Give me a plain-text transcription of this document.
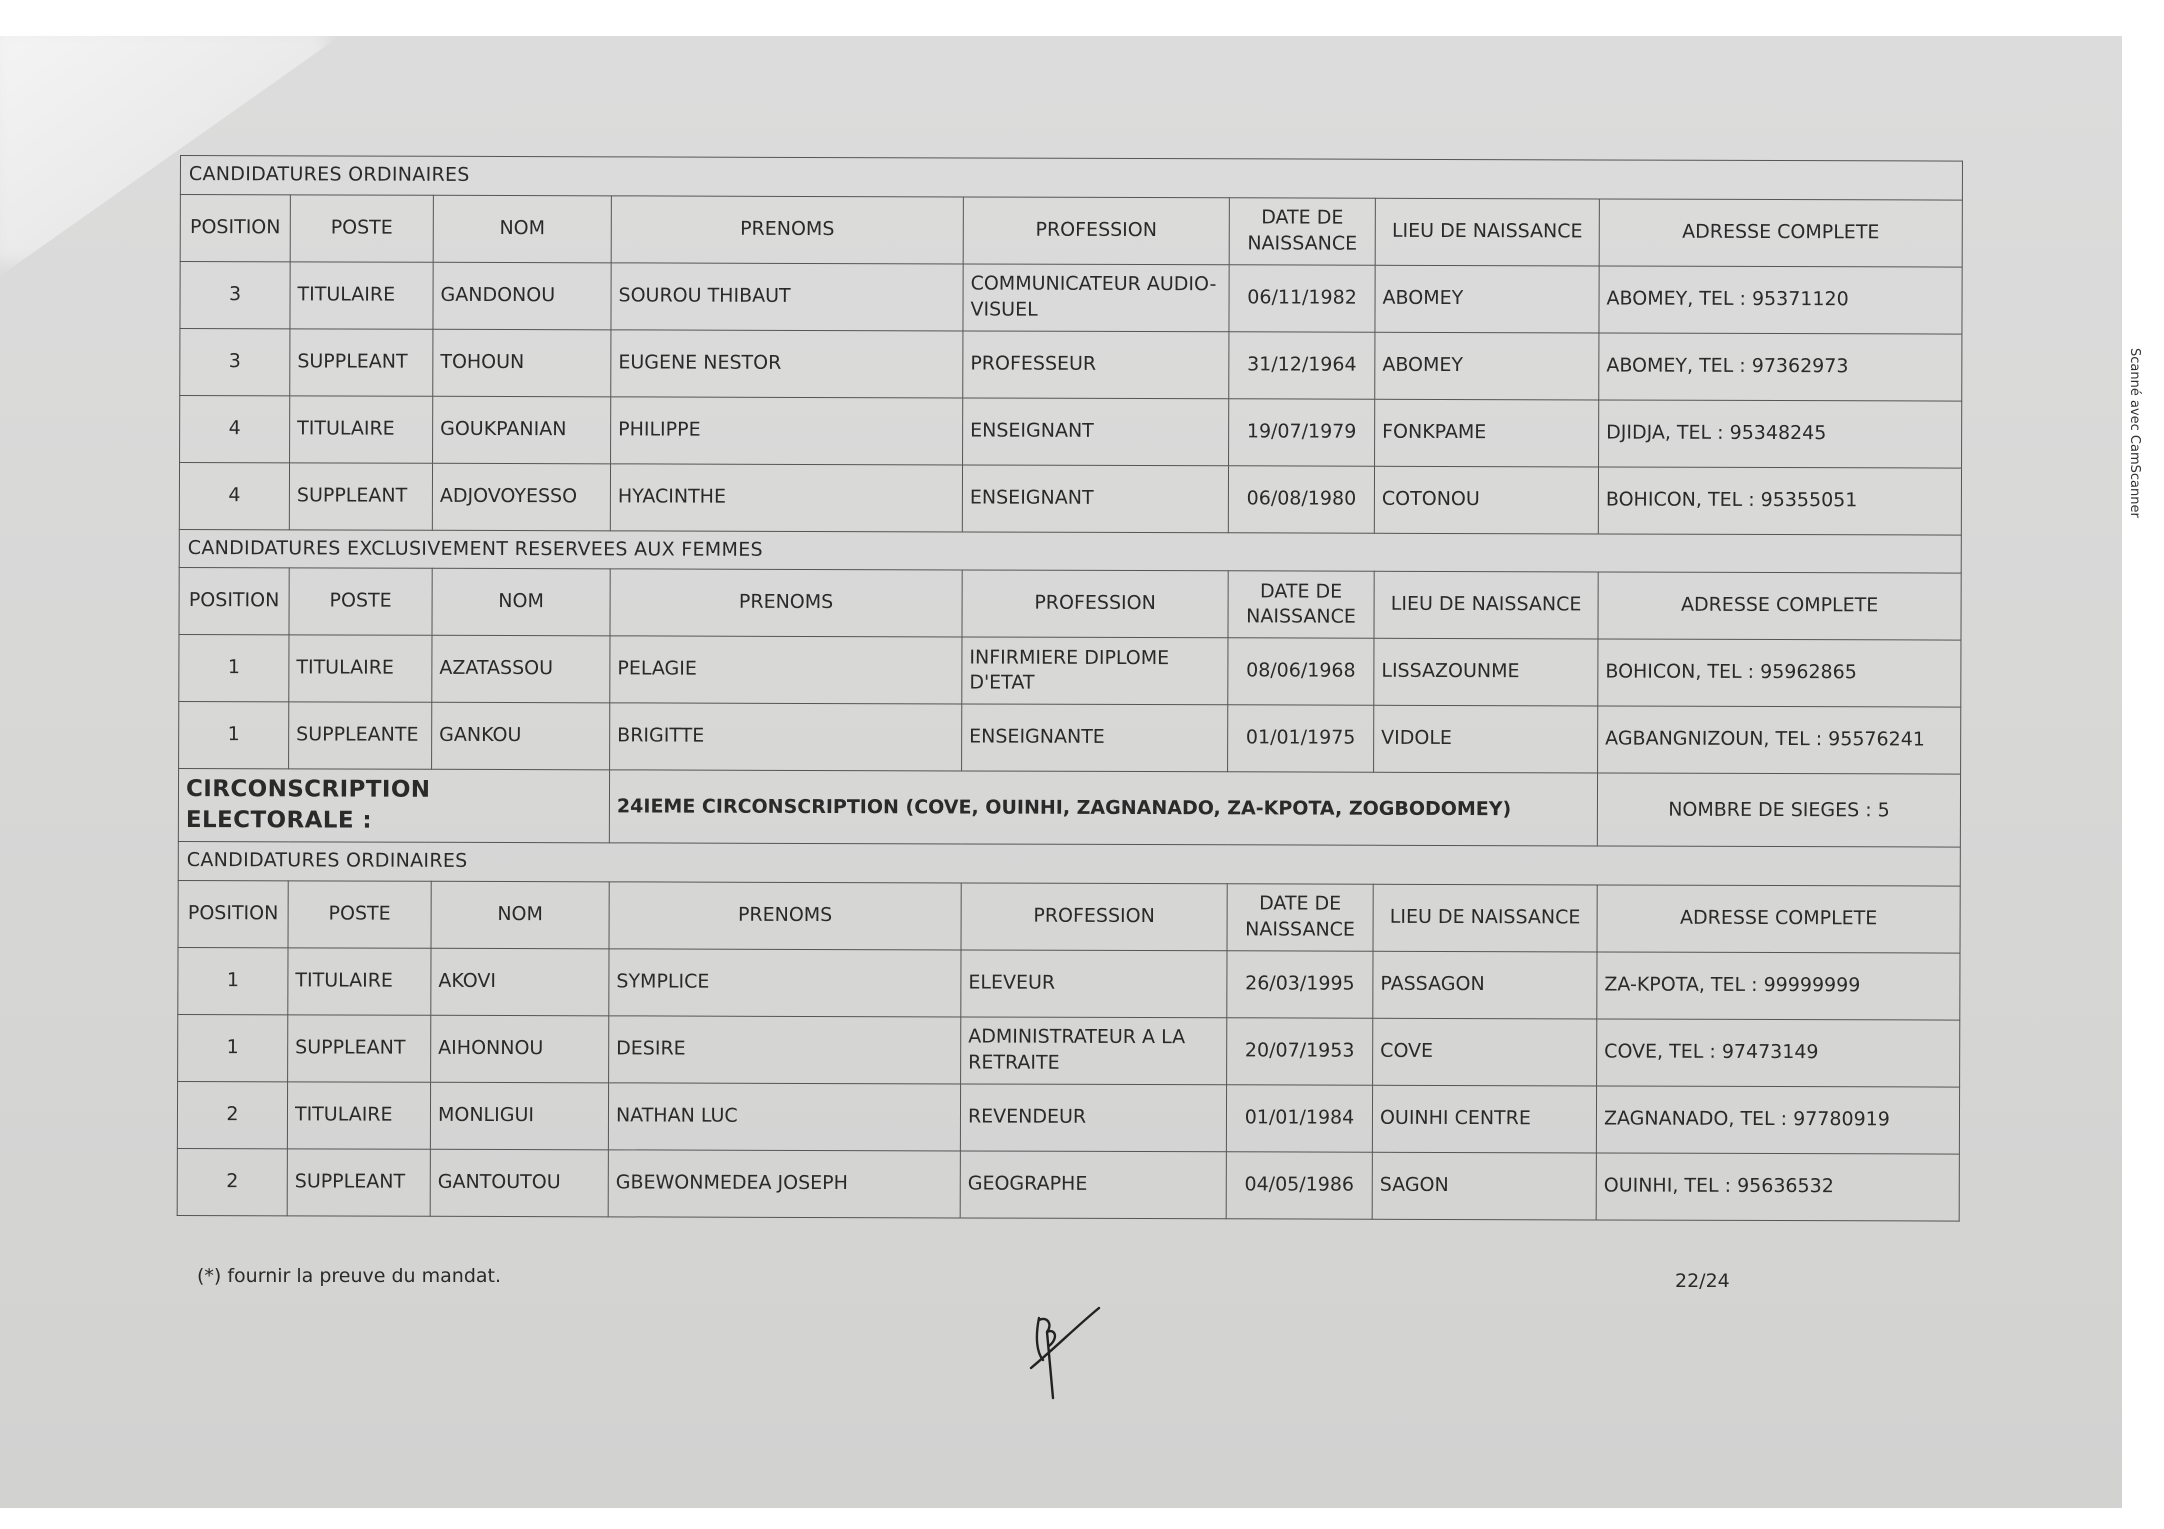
CANDIDATURES ORDINAIRES							
POSITION	POSTE	NOM	PRENOMS	PROFESSION	DATE DE NAISSANCE	LIEU DE NAISSANCE	ADRESSE COMPLETE
3	TITULAIRE	GANDONOU	SOUROU THIBAUT	COMMUNICATEUR AUDIO-VISUEL	06/11/1982	ABOMEY	ABOMEY, TEL : 95371120
3	SUPPLEANT	TOHOUN	EUGENE NESTOR	PROFESSEUR	31/12/1964	ABOMEY	ABOMEY, TEL : 97362973
4	TITULAIRE	GOUKPANIAN	PHILIPPE	ENSEIGNANT	19/07/1979	FONKPAME	DJIDJA, TEL : 95348245
4	SUPPLEANT	ADJOVOYESSO	HYACINTHE	ENSEIGNANT	06/08/1980	COTONOU	BOHICON, TEL : 95355051
CANDIDATURES EXCLUSIVEMENT RESERVEES AUX FEMMES							
POSITION	POSTE	NOM	PRENOMS	PROFESSION	DATE DE NAISSANCE	LIEU DE NAISSANCE	ADRESSE COMPLETE
1	TITULAIRE	AZATASSOU	PELAGIE	INFIRMIERE DIPLOME D'ETAT	08/06/1968	LISSAZOUNME	BOHICON, TEL : 95962865
1	SUPPLEANTE	GANKOU	BRIGITTE	ENSEIGNANTE	01/01/1975	VIDOLE	AGBANGNIZOUN, TEL : 95576241
CIRCONSCRIPTION ELECTORALE :			24IEME CIRCONSCRIPTION (COVE, OUINHI, ZAGNANADO, ZA-KPOTA, ZOGBODOMEY)				NOMBRE DE SIEGES : 5
CANDIDATURES ORDINAIRES							
POSITION	POSTE	NOM	PRENOMS	PROFESSION	DATE DE NAISSANCE	LIEU DE NAISSANCE	ADRESSE COMPLETE
1	TITULAIRE	AKOVI	SYMPLICE	ELEVEUR	26/03/1995	PASSAGON	ZA-KPOTA, TEL : 99999999
1	SUPPLEANT	AIHONNOU	DESIRE	ADMINISTRATEUR A LA RETRAITE	20/07/1953	COVE	COVE, TEL : 97473149
2	TITULAIRE	MONLIGUI	NATHAN LUC	REVENDEUR	01/01/1984	OUINHI CENTRE	ZAGNANADO, TEL : 97780919
2	SUPPLEANT	GANTOUTOU	GBEWONMEDEA JOSEPH	GEOGRAPHE	04/05/1986	SAGON	OUINHI, TEL : 95636532
(*) fournir la preuve du mandat.	22/24
Scanné avec CamScanner
